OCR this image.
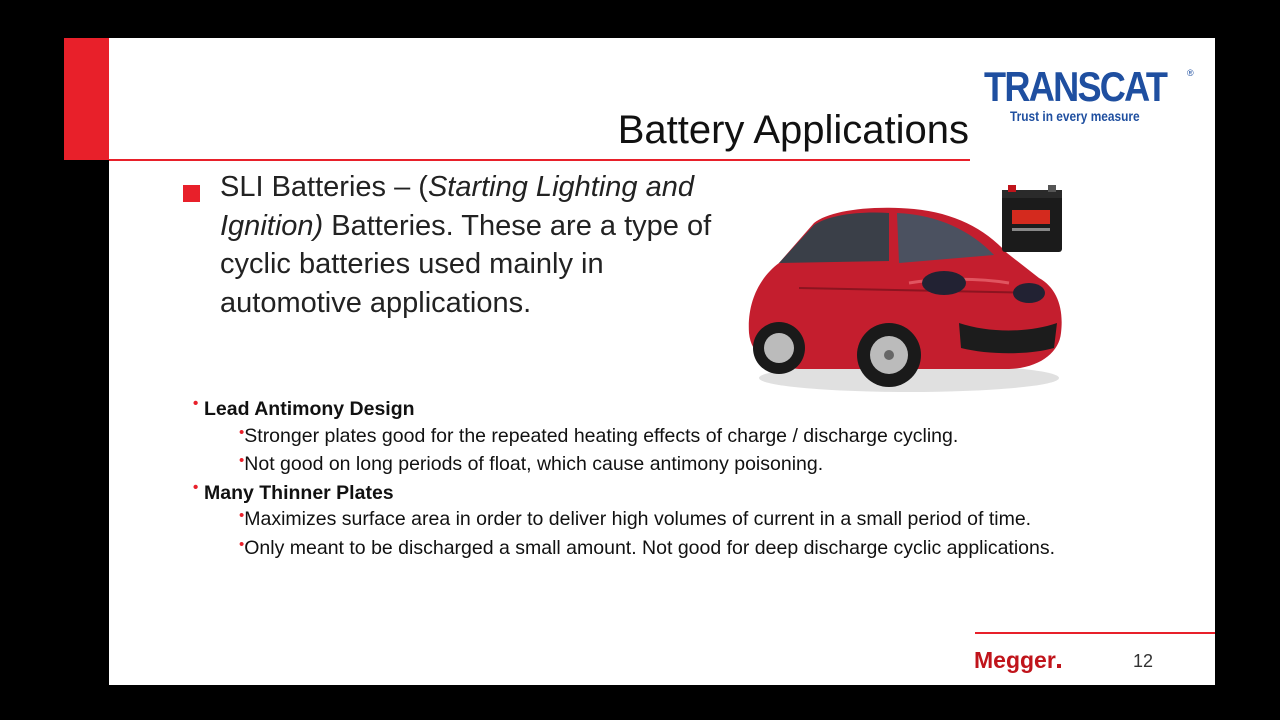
Battery Applications
TRANSCAT ®
Trust in every measure
SLI Batteries – (Starting Lighting and Ignition) Batteries. These are a type of cyclic batteries used mainly in automotive applications.
• Lead Antimony Design
•Stronger plates good for the repeated heating effects of charge / discharge cycling.
•Not good on long periods of float, which cause antimony poisoning.
• Many Thinner Plates
•Maximizes surface area in order to deliver high volumes of current in a small period of time.
•Only meant to be discharged a small amount. Not good for deep discharge cyclic applications.
Megger	12
